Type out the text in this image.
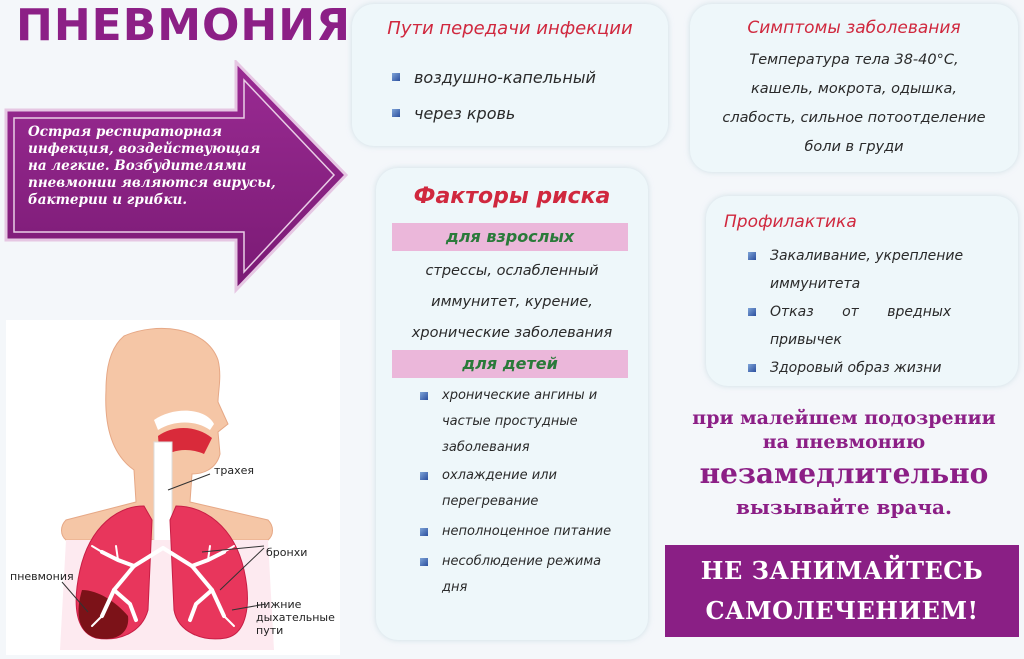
ПНЕВМОНИЯ
Острая респираторная инфекция, воздействующая на легкие. Возбудителями пневмонии являются вирусы, бактерии и грибки.
Пути передачи инфекции
воздушно-капельный
через кровь
Симптомы заболевания
Температура тела 38-40°С,
кашель, мокрота, одышка,
слабость, сильное потоотделение
боли в груди
Факторы риска
для взрослых
стрессы, ослабленный
иммунитет, курение,
хронические заболевания
для детей
хронические ангины и
частые простудные
заболевания
охлаждение или
перегревание
неполноценное питание
несоблюдение режима
дня
Профилактика
Закаливание, укрепление
иммунитета
Отказ от вредных
привычек
Здоровый образ жизни
при малейшем подозрении
на пневмонию
незамедлительно
вызывайте врача.
НЕ ЗАНИМАЙТЕСЬ
САМОЛЕЧЕНИЕМ!
трахея
бронхи
пневмония
нижние
дыхательные
пути
